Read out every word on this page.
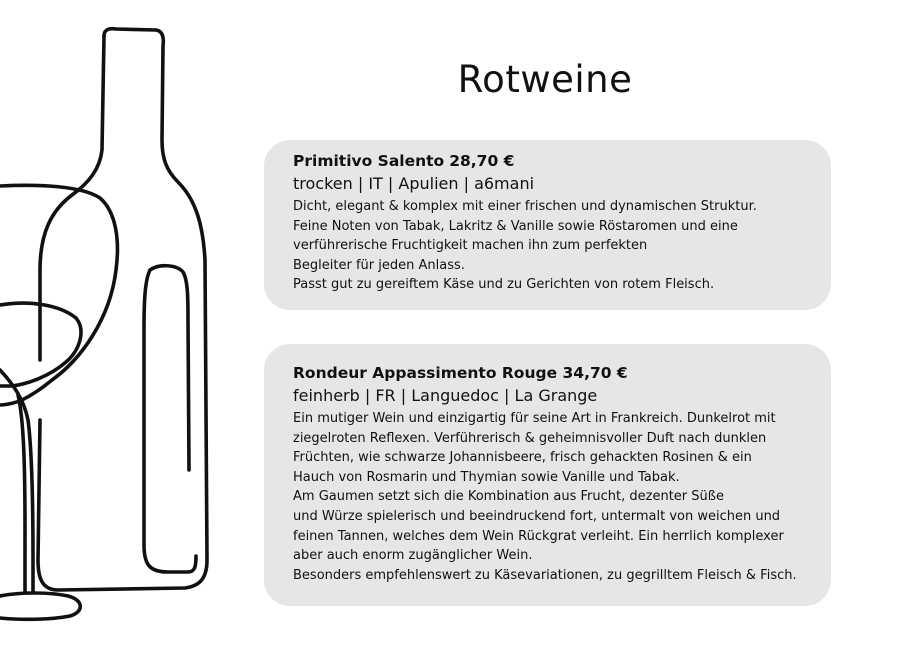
Rotweine

Primitivo Salento 28,70 €

trocken | IT | Apulien | a6mani

Dicht, elegant & komplex mit einer frischen und dynamischen Struktur.
Feine Noten von Tabak, Lakritz & Vanille sowie Röstaromen und eine
verführerische Fruchtigkeit machen ihn zum perfekten
Begleiter für jeden Anlass.
Passt gut zu gereiftem Käse und zu Gerichten von rotem Fleisch.

Rondeur Appassimento Rouge 34,70 €

feinherb | FR | Languedoc | La Grange

Ein mutiger Wein und einzigartig für seine Art in Frankreich. Dunkelrot mit
ziegelroten Reflexen. Verführerisch & geheimnisvoller Duft nach dunklen
Früchten, wie schwarze Johannisbeere, frisch gehackten Rosinen & ein
Hauch von Rosmarin und Thymian sowie Vanille und Tabak.
Am Gaumen setzt sich die Kombination aus Frucht, dezenter Süße
und Würze spielerisch und beeindruckend fort, untermalt von weichen und
feinen Tannen, welches dem Wein Rückgrat verleiht. Ein herrlich komplexer
aber auch enorm zugänglicher Wein.
Besonders empfehlenswert zu Käsevariationen, zu gegrilltem Fleisch & Fisch.
